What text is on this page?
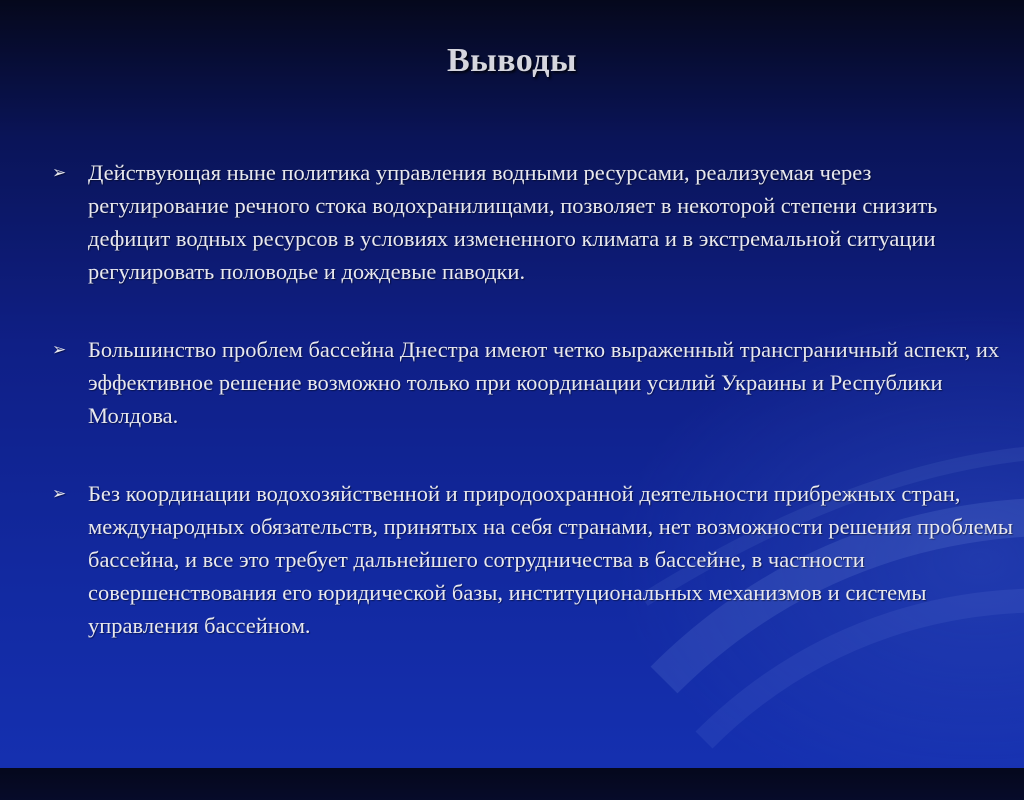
Выводы
➢ Действующая ныне политика управления водными ресурсами, реализуемая через регулирование речного стока водохранилищами, позволяет в некоторой степени снизить дефицит водных ресурсов в условиях измененного климата и в экстремальной ситуации регулировать половодье и дождевые паводки.
➢ Большинство проблем бассейна Днестра имеют четко выраженный трансграничный аспект, их эффективное решение возможно только при координации усилий Украины и Республики Молдова.
➢ Без координации водохозяйственной и природоохранной деятельности прибрежных стран, международных обязательств, принятых на себя странами, нет возможности решения проблемы бассейна, и все это требует дальнейшего сотрудничества в бассейне, в частности совершенствования его юридической базы, институциональных механизмов и системы управления бассейном.
